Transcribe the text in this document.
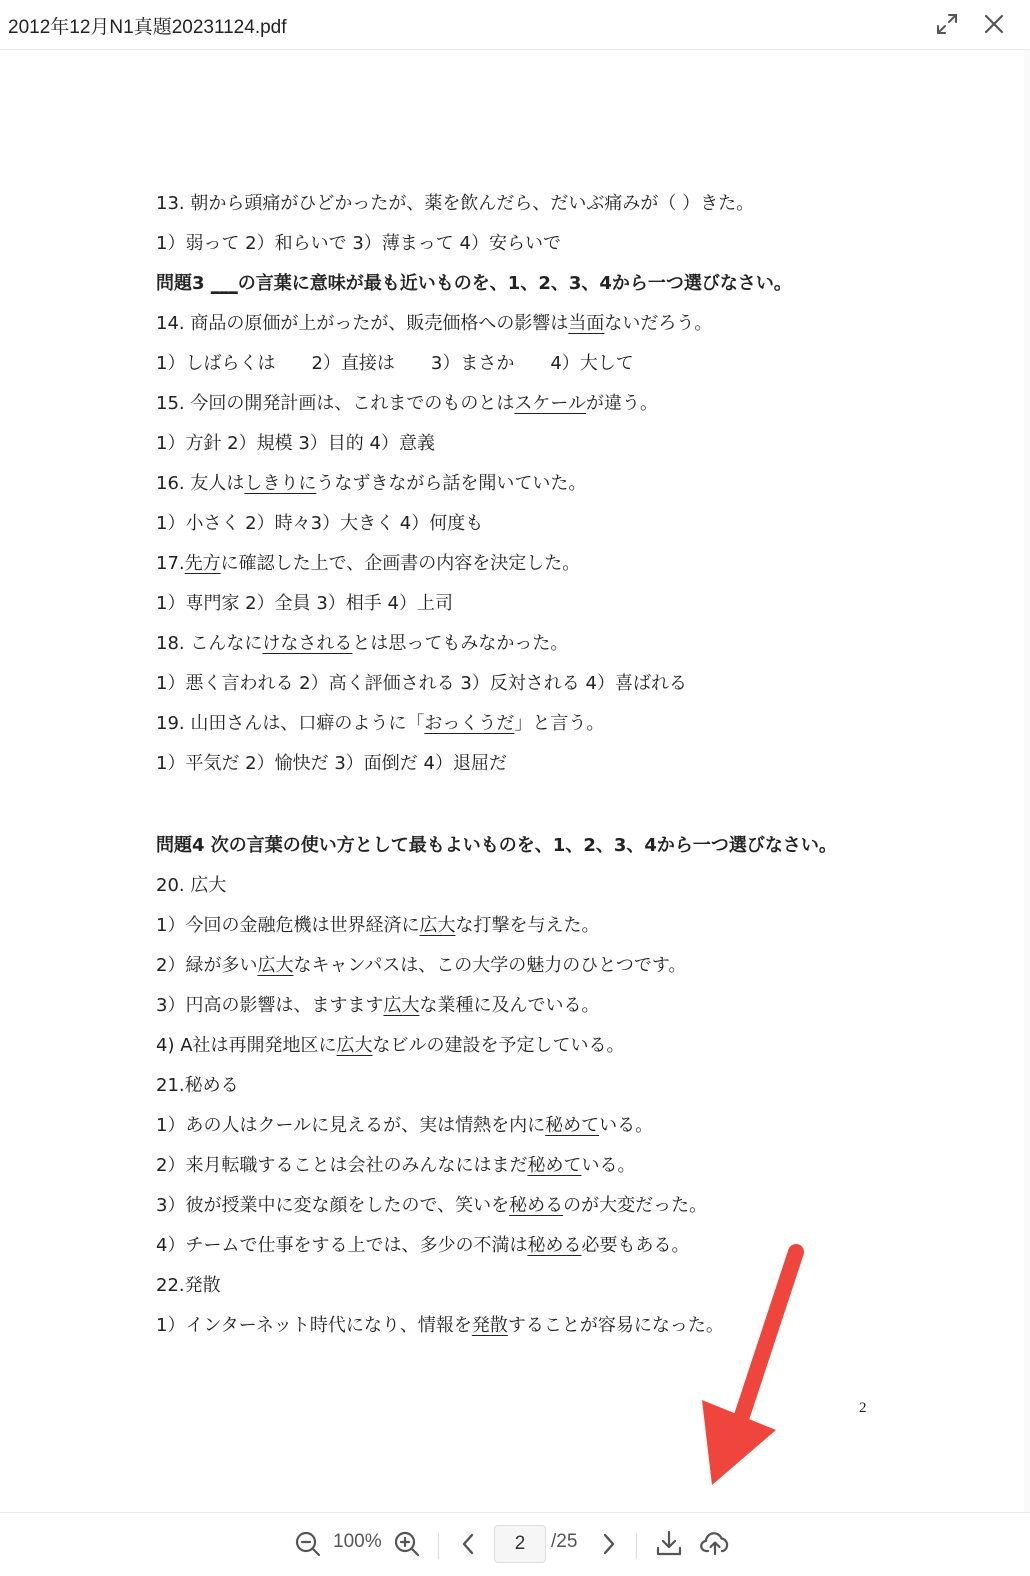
2012年12月N1真題20231124.pdf
13. 朝から頭痛がひどかったが、薬を飲んだら、だいぶ痛みが（ ）きた。
1）弱って 2）和らいで 3）薄まって 4）安らいで
問題3 ___の言葉に意味が最も近いものを、1、2、3、4から一つ選びなさい。
14. 商品の原価が上がったが、販売価格への影響は当面ないだろう。
1）しばらくは　　2）直接は　　3）まさか　　4）大して
15. 今回の開発計画は、これまでのものとはスケールが違う。
1）方針 2）規模 3）目的 4）意義
16. 友人はしきりにうなずきながら話を聞いていた。
1）小さく 2）時々3）大きく 4）何度も
17.先方に確認した上で、企画書の内容を決定した。
1）専門家 2）全員 3）相手 4）上司
18. こんなにけなされるとは思ってもみなかった。
1）悪く言われる 2）高く評価される 3）反対される 4）喜ばれる
19. 山田さんは、口癖のように「おっくうだ」と言う。
1）平気だ 2）愉快だ 3）面倒だ 4）退屈だ
問題4 次の言葉の使い方として最もよいものを、1、2、3、4から一つ選びなさい。
20. 広大
1）今回の金融危機は世界経済に広大な打撃を与えた。
2）緑が多い広大なキャンパスは、この大学の魅力のひとつです。
3）円高の影響は、ますます広大な業種に及んでいる。
4) A社は再開発地区に広大なビルの建設を予定している。
21.秘める
1）あの人はクールに見えるが、実は情熱を内に秘めている。
2）来月転職することは会社のみんなにはまだ秘めている。
3）彼が授業中に変な顔をしたので、笑いを秘めるのが大変だった。
4）チームで仕事をする上では、多少の不満は秘める必要もある。
22.発散
1）インターネット時代になり、情報を発散することが容易になった。
2
100%	2	/25
